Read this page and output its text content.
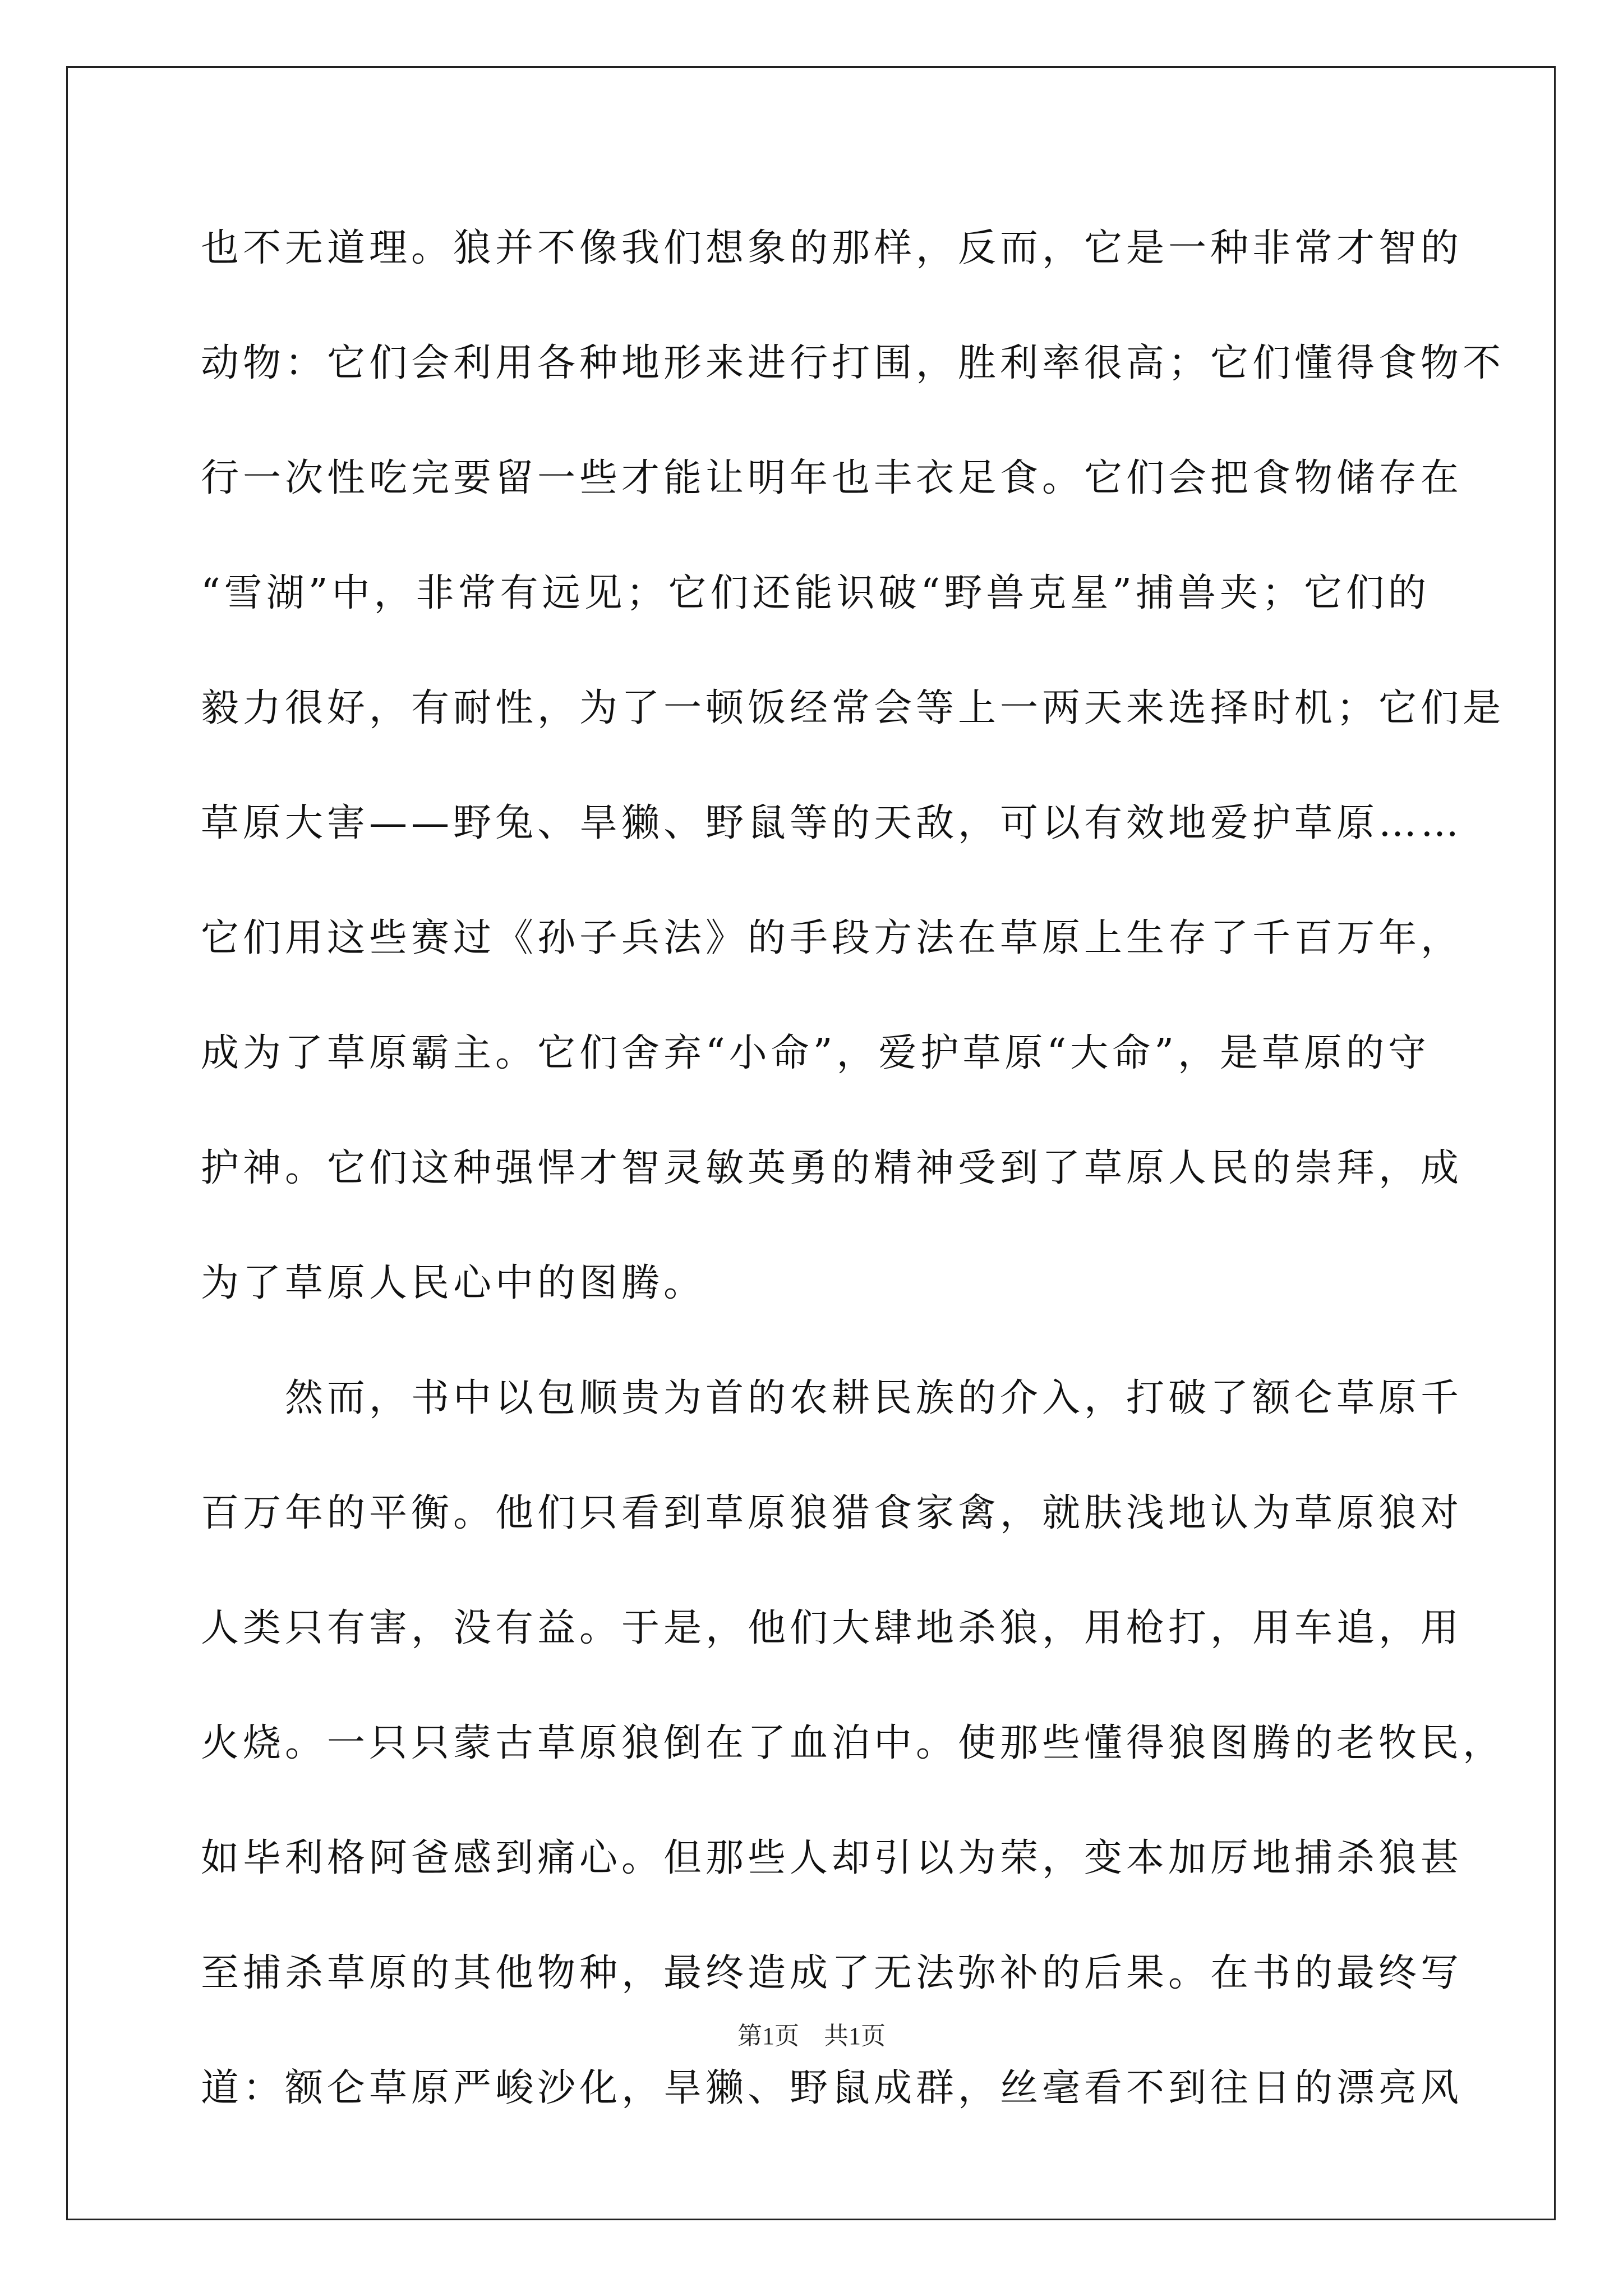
也不无道理。狼并不像我们想象的那样，反而，它是一种非常才智的
动物：它们会利用各种地形来进行打围，胜利率很高；它们懂得食物不
行一次性吃完要留一些才能让明年也丰衣足食。它们会把食物储存在
“雪湖”中，非常有远见；它们还能识破“野兽克星”捕兽夹；它们的
毅力很好，有耐性，为了一顿饭经常会等上一两天来选择时机；它们是
草原大害——野兔、旱獭、野鼠等的天敌，可以有效地爱护草原……
它们用这些赛过《孙子兵法》的手段方法在草原上生存了千百万年，
成为了草原霸主。它们舍弃“小命”，爱护草原“大命”，是草原的守
护神。它们这种强悍才智灵敏英勇的精神受到了草原人民的崇拜，成
为了草原人民心中的图腾。
　　然而，书中以包顺贵为首的农耕民族的介入，打破了额仑草原千
百万年的平衡。他们只看到草原狼猎食家禽，就肤浅地认为草原狼对
人类只有害，没有益。于是，他们大肆地杀狼，用枪打，用车追，用
火烧。一只只蒙古草原狼倒在了血泊中。使那些懂得狼图腾的老牧民，
如毕利格阿爸感到痛心。但那些人却引以为荣，变本加厉地捕杀狼甚
至捕杀草原的其他物种，最终造成了无法弥补的后果。在书的最终写
道：额仑草原严峻沙化，旱獭、野鼠成群，丝毫看不到往日的漂亮风
第1页　共1页
